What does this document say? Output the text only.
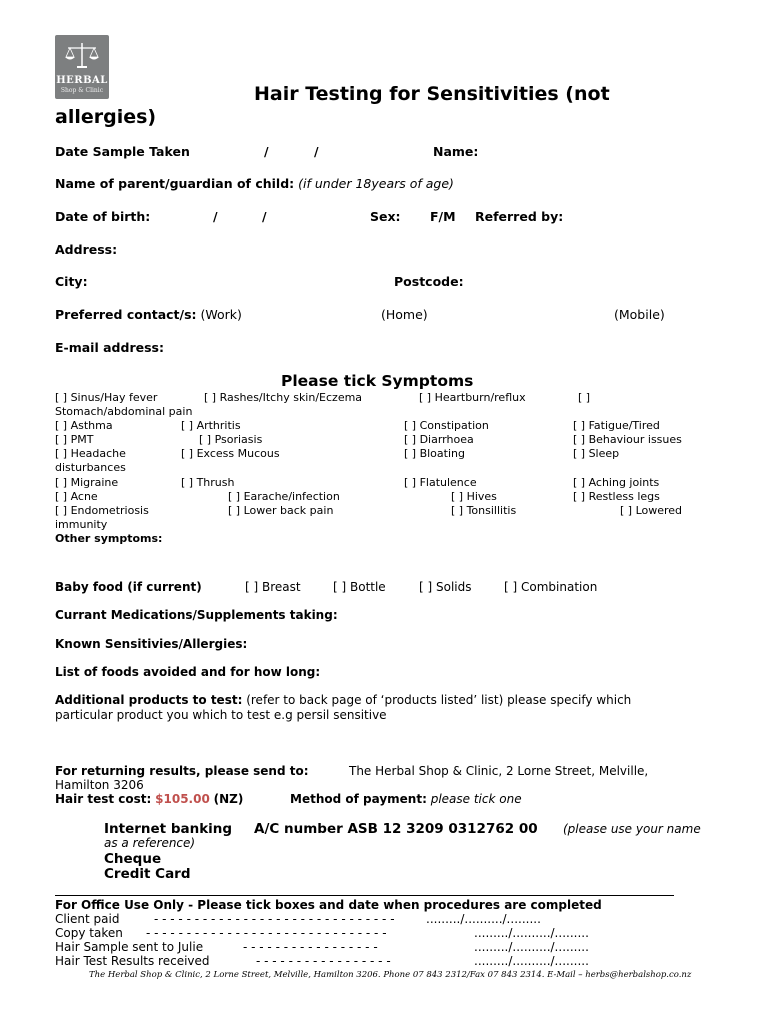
HERBAL
Shop & Clinic	Hair Testing for Sensitivities (not
allergies)
Date Sample Taken	/	/	Name:
Name of parent/guardian of child: (if under 18years of age)
Date of birth:	/	/	Sex: F/M Referred by:
Address:
City:	Postcode:
Preferred contact/s: (Work)	(Home)	(Mobile)
E-mail address:
Please tick Symptoms
[ ] Sinus/Hay fever	[ ] Rashes/Itchy skin/Eczema	[ ] Heartburn/reflux	[ ]
Stomach/abdominal pain
[ ] Asthma	[ ] Arthritis	[ ] Constipation	[ ] Fatigue/Tired
[ ] PMT	[ ] Psoriasis	[ ] Diarrhoea	[ ] Behaviour issues
[ ] Headache	[ ] Excess Mucous	[ ] Bloating	[ ] Sleep
disturbances
[ ] Migraine	[ ] Thrush	[ ] Flatulence	[ ] Aching joints
[ ] Acne	[ ] Earache/infection	[ ] Hives	[ ] Restless legs
[ ] Endometriosis	[ ] Lower back pain	[ ] Tonsillitis	[ ] Lowered
immunity
Other symptoms:
Baby food (if current)	[ ] Breast	[ ] Bottle	[ ] Solids	[ ] Combination
Currant Medications/Supplements taking:
Known Sensitivies/Allergies:
List of foods avoided and for how long:
Additional products to test: (refer to back page of ‘products listed’ list) please specify which
particular product you which to test e.g persil sensitive
For returning results, please send to:	The Herbal Shop & Clinic, 2 Lorne Street, Melville,
Hamilton 3206
Hair test cost: $105.00 (NZ)	Method of payment: please tick one
Internet banking A/C number ASB 12 3209 0312762 00 (please use your name
as a reference)
Cheque
Credit Card
For Office Use Only - Please tick boxes and date when procedures are completed
Client paid	- - - - - - - - - - - - - - - - - - - - - - - - - - - - - -	........./........../.........
Copy taken - - - - - - - - - - - - - - - - - - - - - - - - - - - - - -	........./........../.........
Hair Sample sent to Julie	- - - - - - - - - - - - - - - - -	........./........../.........
Hair Test Results received	- - - - - - - - - - - - - - - - -	........./........../.........
The Herbal Shop & Clinic, 2 Lorne Street, Melville, Hamilton 3206. Phone 07 843 2312/Fax 07 843 2314. E-Mail – herbs@herbalshop.co.nz
